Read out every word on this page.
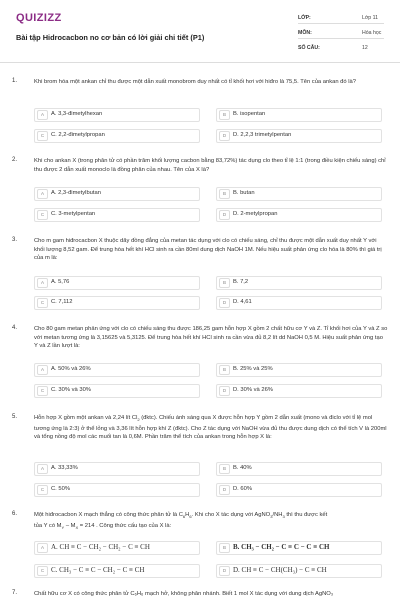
QUIZIZZ
Bài tập Hidrocacbon no cơ bản có lời giải chi tiết (P1)
LỚP:	Lớp 11
MÔN:	Hóa học
SỐ CÂU:	12
1.	Khi brom hóa một ankan chỉ thu được một dẫn xuất monobrom duy nhất có tỉ khối hơi với hiđro là 75,5. Tên của ankan đó là?
A	A. 3,3-đimetylhexan	B	B. isopentan
C	C. 2,2-đimetylpropan	D	D. 2,2,3 trimetylpentan
2.	Khi cho ankan X (trong phân tử có phần trăm khối lượng cacbon bằng 83,72%) tác dụng clo theo tỉ lệ 1:1 (trong điều kiện chiếu sáng) chỉ thu được 2 dẫn xuất monoclo là đồng phân của nhau. Tên của X là?
A	A. 2,3-đimetylbutan	B	B. butan
C	C. 3-metylpentan	D	D. 2-metylpropan
3.	Cho m gam hiđrocacbon X thuộc dãy đồng đẳng của metan tác dụng với clo có chiếu sáng, chỉ thu được một dẫn xuất duy nhất Y với khối lượng 8,52 gam. Để trung hòa hết khí HCl sinh ra cần 80ml dung dịch NaOH 1M. Nếu hiệu suất phản ứng clo hóa là 80% thì giá trị của m là:
A	A. 5,76	B	B. 7,2
C	C. 7,112	D	D. 4,61
4.	Cho 80 gam metan phản ứng với clo có chiếu sáng thu được 186,25 gam hỗn hợp X gồm 2 chất hữu cơ Y và Z. Tỉ khối hơi của Y và Z so với metan tương ứng là 3,15625 và 5,3125. Để trung hòa hết khí HCl sinh ra cần vừa đủ 8,2 lít dd NaOH 0,5 M. Hiệu suất phản ứng tạo Y và Z lần lượt là:
A	A. 50% và 26%	B	B. 25% và 25%
C	C. 30% và 30%	D	D. 30% và 26%
5.	Hỗn hợp X gồm một ankan và 2,24 lít $Cl_2$ (đktc). Chiếu ánh sáng qua X được hỗn hợp Y gồm 2 dẫn xuất (mono và điclo với tỉ lệ mol tương ứng là 2:3) ở thể lỏng và 3,36 lít hỗn hợp khí Z (đktc). Cho Z tác dụng với NaOH vừa đủ thu được dung dịch có thể tích V là 200ml và tổng nồng độ mol các muối tan là 0,6M. Phần trăm thể tích của ankan trong hỗn hợp X là:
A	A. 33,33%	B	B. 40%
C	C. 50%	D	D. 60%
6.	Một hiđrocacbon X mạch thẳng có công thức phân tử là $C_6H_6$. Khi cho X tác dụng với $AgNO_3/NH_3$ thì thu được kết
tủa Y có $M_Y - M_X = 214$ . Công thức cấu tạo của X là:
A	A. CH ≡ C − CH₂ − CH₂ − C ≡ CH	B	B. CH₃ − CH₂ − C ≡ C − C ≡ CH
C C. CH₃ − C ≡ C − CH₂ − C ≡ CH	D D. CH ≡ C − CH(CH₃) − C ≡ CH
7.	Chất hữu cơ X có công thức phân tử C₆H₆ mạch hở, không phân nhánh. Biết 1 mol X tác dụng với dung dịch AgNO₃
